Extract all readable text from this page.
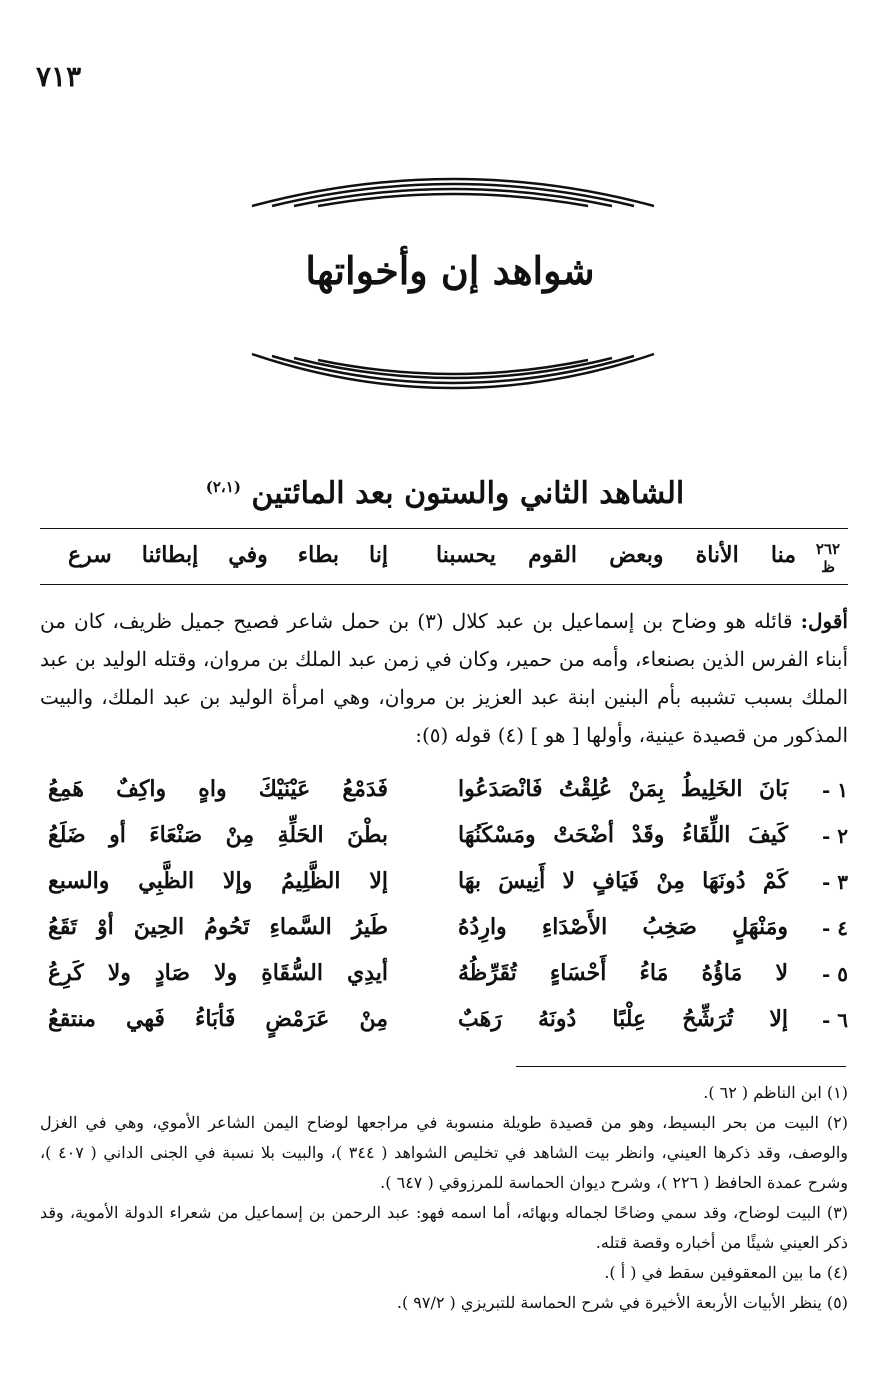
٧١٣
شواهد إن وأخواتها
الشاهد الثاني والستون بعد المائتين $^{(٢،١)}$
٢٦٢
ظ
منا الأناة وبعض القوم يحسبنا
إنا بطاء وفي إبطائنا سرع
أقول: قائله هو وضاح بن إسماعيل بن عبد كلال (٣) بن حمل شاعر فصيح جميل ظريف، كان من أبناء الفرس الذين بصنعاء، وأمه من حمير، وكان في زمن عبد الملك بن مروان، وقتله الوليد بن عبد الملك بسبب تشببه بأم البنين ابنة عبد العزيز بن مروان، وهي امرأة الوليد بن عبد الملك، والبيت المذكور من قصيدة عينية، وأولها [ هو ] (٤) قوله (٥):
١ -
بَانَ الخَلِيطُ بِمَنْ عُلِقْتُ فَانْصَدَعُوا
فَدَمْعُ عَيْنَيْكَ واهٍ واكِفٌ هَمِعُ
٢ -
كَيفَ اللِّقَاءُ وقَدْ أضْحَتْ ومَسْكَنُهَا
بطْنَ الحَلِّةِ مِنْ صَنْعَاءَ أو ضَلَعُ
٣ -
كَمْ دُونَهَا مِنْ فَيَافٍ لا أَنِيسَ بهَا
إلا الظَّلِيمُ وإلا الظَّبِي والسبع
٤ -
ومَنْهَلٍ صَخِبُ الأَصْدَاءِ وارِدُهُ
طَيرُ السَّماءِ تَحُومُ الحِينَ أوْ تَقَعُ
٥ -
لا مَاؤُهُ مَاءُ أَحْسَاءٍ تُقَرِّظُهُ
أيدِي السُّقَاةِ ولا صَادٍ ولا كَرِعُ
٦ -
إلا تُرَشِّحُ عِلْبًا دُونَهُ رَهَبٌ
مِنْ عَرَمْضٍ فَأبَاءُ فَهي منتقعُ

(١) ابن الناظم ( ٦٢ ).

(٢) البيت من بحر البسيط، وهو من قصيدة طويلة منسوبة في مراجعها لوضاح اليمن الشاعر الأموي، وهي في الغزل والوصف، وقد ذكرها العيني، وانظر بيت الشاهد في تخليص الشواهد ( ٣٤٤ )، والبيت بلا نسبة في الجنى الداني ( ٤٠٧ )، وشرح عمدة الحافظ ( ٢٢٦ )، وشرح ديوان الحماسة للمرزوقي ( ٦٤٧ ).

(٣) البيت لوضاح، وقد سمي وضاحًا لجماله وبهائه، أما اسمه فهو: عبد الرحمن بن إسماعيل من شعراء الدولة الأموية، وقد ذكر العيني شيئًا من أخباره وقصة قتله.

(٤) ما بين المعقوفين سقط في ( أ ).

(٥) ينظر الأبيات الأربعة الأخيرة في شرح الحماسة للتبريزي ( ٩٧/٢ ).
